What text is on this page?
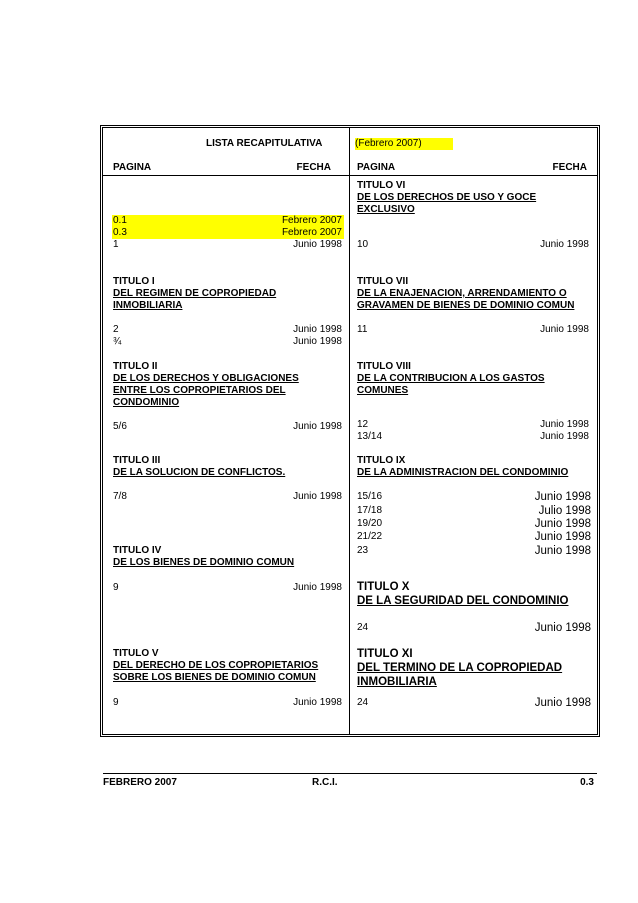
LISTA RECAPITULATIVA	(Febrero 2007)
PAGINA	FECHA	PAGINA	FECHA
0.1	Febrero 2007
0.3	Febrero 2007
1	Junio 1998
TITULO I
DEL REGIMEN DE COPROPIEDAD
INMOBILIARIA
2	Junio 1998
¾	Junio 1998
TITULO II
DE LOS DERECHOS Y OBLIGACIONES
ENTRE LOS COPROPIETARIOS DEL
CONDOMINIO
5/6	Junio 1998
TITULO III
DE LA SOLUCION DE CONFLICTOS.
7/8	Junio 1998
TITULO IV
DE LOS BIENES DE DOMINIO COMUN
9	Junio 1998
TITULO V
DEL DERECHO DE LOS COPROPIETARIOS
SOBRE LOS BIENES DE DOMINIO COMUN
9	Junio 1998
TITULO VI
DE LOS DERECHOS DE USO Y GOCE
EXCLUSIVO
10	Junio 1998
TITULO VII
DE LA ENAJENACION, ARRENDAMIENTO O
GRAVAMEN DE BIENES DE DOMINIO COMUN
11	Junio 1998
TITULO VIII
DE LA CONTRIBUCION A LOS GASTOS
COMUNES
12	Junio 1998
13/14	Junio 1998
TITULO IX
DE LA ADMINISTRACION DEL CONDOMINIO
15/16	Junio 1998
17/18	Julio 1998
19/20	Junio 1998
21/22	Junio 1998
23	Junio 1998
TITULO X
DE LA SEGURIDAD DEL CONDOMINIO
24	Junio 1998
TITULO XI
DEL TERMINO DE LA COPROPIEDAD
INMOBILIARIA
24	Junio 1998
FEBRERO 2007	R.C.I.	0.3
